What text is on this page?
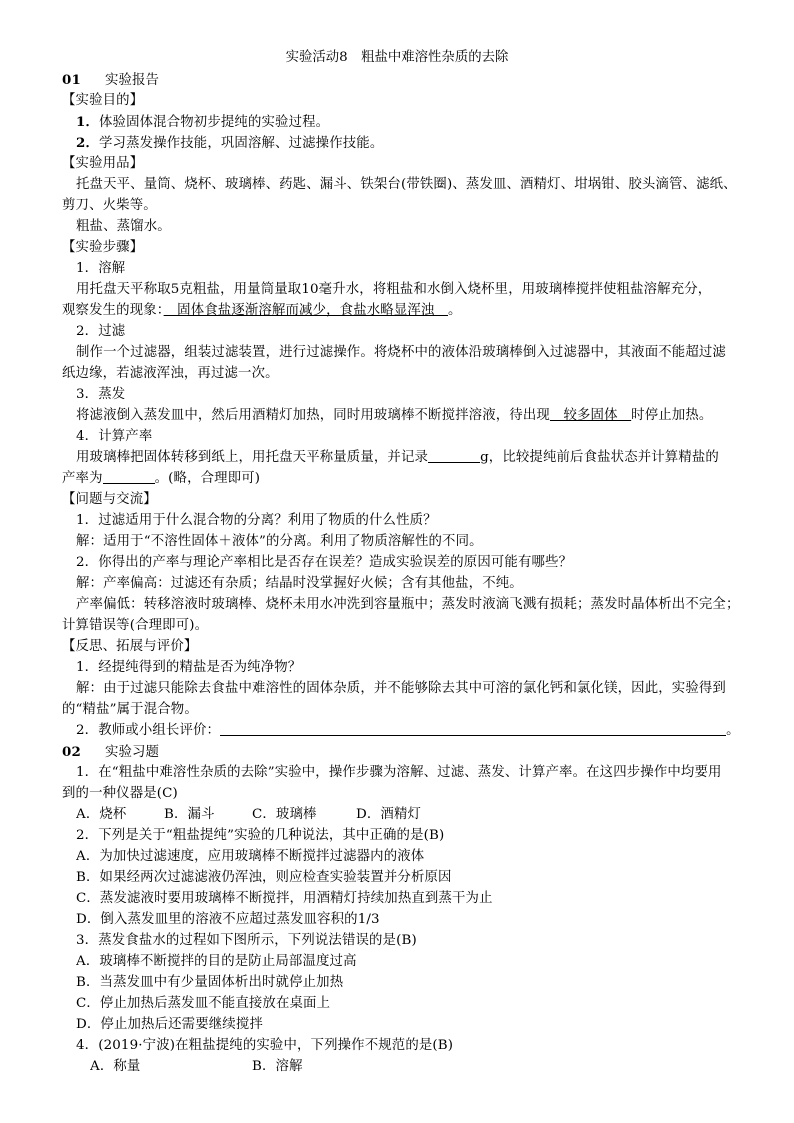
实验活动8　粗盐中难溶性杂质的去除
01 实验报告
【实验目的】
1．体验固体混合物初步提纯的实验过程。
2．学习蒸发操作技能，巩固溶解、过滤操作技能。
【实验用品】
托盘天平、量筒、烧杯、玻璃棒、药匙、漏斗、铁架台(带铁圈)、蒸发皿、酒精灯、坩埚钳、胶头滴管、滤纸、
剪刀、火柴等。
粗盐、蒸馏水。
【实验步骤】
1．溶解
用托盘天平称取5克粗盐，用量筒量取10毫升水，将粗盐和水倒入烧杯里，用玻璃棒搅拌使粗盐溶解充分，
观察发生的现象：　固体食盐逐渐溶解而减少，食盐水略显浑浊　。
2．过滤
制作一个过滤器，组装过滤装置，进行过滤操作。将烧杯中的液体沿玻璃棒倒入过滤器中，其液面不能超过滤
纸边缘，若滤液浑浊，再过滤一次。
3．蒸发
将滤液倒入蒸发皿中，然后用酒精灯加热，同时用玻璃棒不断搅拌溶液，待出现　较多固体　时停止加热。
4．计算产率
用玻璃棒把固体转移到纸上，用托盘天平称量质量，并记录	g，比较提纯前后食盐状态并计算精盐的
产率为	。(略，合理即可)
【问题与交流】
1．过滤适用于什么混合物的分离？利用了物质的什么性质？
解：适用于“不溶性固体＋液体”的分离。利用了物质溶解性的不同。
2．你得出的产率与理论产率相比是否存在误差？造成实验误差的原因可能有哪些？
解：产率偏高：过滤还有杂质；结晶时没掌握好火候；含有其他盐，不纯。
产率偏低：转移溶液时玻璃棒、烧杯未用水冲洗到容量瓶中；蒸发时液滴飞溅有损耗；蒸发时晶体析出不完全；
计算错误等(合理即可)。
【反思、拓展与评价】
1．经提纯得到的精盐是否为纯净物？
解：由于过滤只能除去食盐中难溶性的固体杂质，并不能够除去其中可溶的氯化钙和氯化镁，因此，实验得到
的“精盐”属于混合物。
2．教师或小组长评价：	。
02 实验习题
1．在“粗盐中难溶性杂质的去除”实验中，操作步骤为溶解、过滤、蒸发、计算产率。在这四步操作中均要用
到的一种仪器是(C)
A．烧杯	B．漏斗	C．玻璃棒	D．酒精灯
2．下列是关于“粗盐提纯”实验的几种说法，其中正确的是(B)
A．为加快过滤速度，应用玻璃棒不断搅拌过滤器内的液体
B．如果经两次过滤滤液仍浑浊，则应检查实验装置并分析原因
C．蒸发滤液时要用玻璃棒不断搅拌，用酒精灯持续加热直到蒸干为止
D．倒入蒸发皿里的溶液不应超过蒸发皿容积的1/3
3．蒸发食盐水的过程如下图所示，下列说法错误的是(B)
A．玻璃棒不断搅拌的目的是防止局部温度过高
B．当蒸发皿中有少量固体析出时就停止加热
C．停止加热后蒸发皿不能直接放在桌面上
D．停止加热后还需要继续搅拌
4．(2019·宁波)在粗盐提纯的实验中，下列操作不规范的是(B)
A．称量	B．溶解
